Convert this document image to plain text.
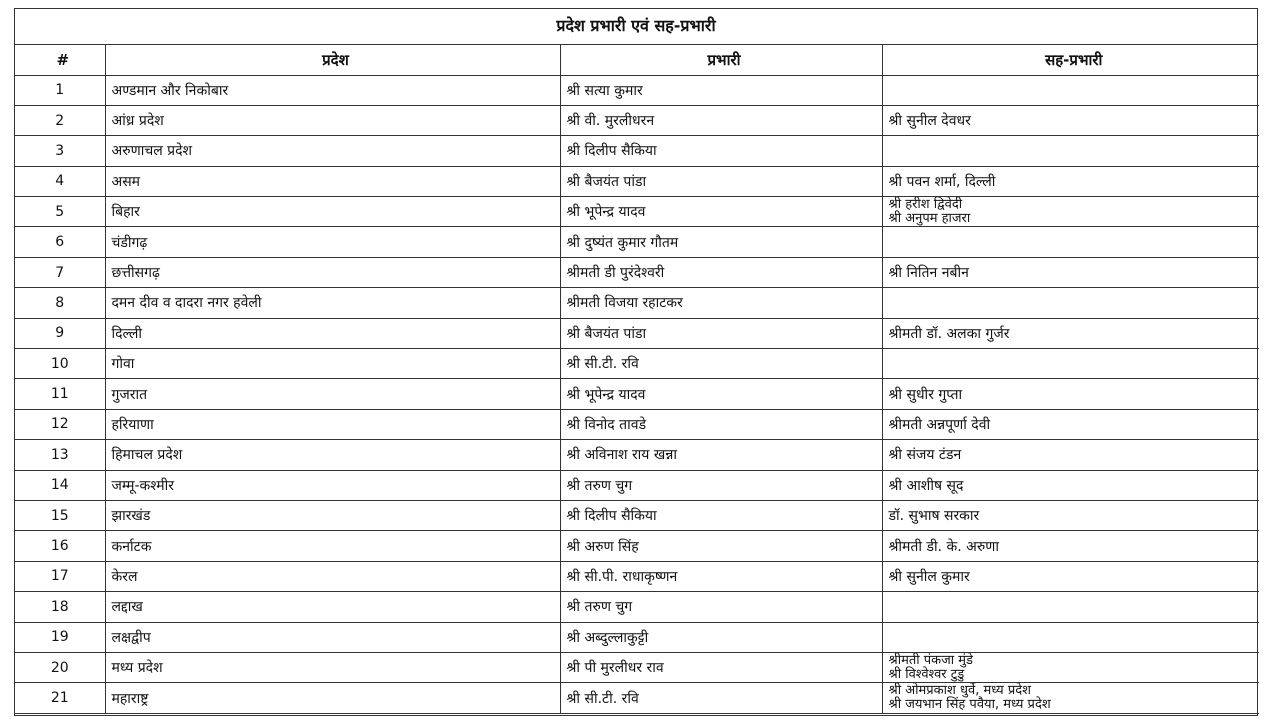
प्रदेश प्रभारी एवं सह-प्रभारी
#	प्रदेश	प्रभारी	सह-प्रभारी
1	अण्डमान और निकोबार	श्री सत्या कुमार	
2	आंध्र प्रदेश	श्री वी. मुरलीधरन	श्री सुनील देवधर
3	अरुणाचल प्रदेश	श्री दिलीप सैकिया	
4	असम	श्री बैजयंत पांडा	श्री पवन शर्मा, दिल्ली
5	बिहार	श्री भूपेन्द्र यादव	श्री हरीश द्विवेदी
श्री अनुपम हाजरा

6	चंडीगढ़	श्री दुष्यंत कुमार गौतम	
7	छत्तीसगढ़	श्रीमती डी पुरंदेश्वरी	श्री नितिन नबीन
8	दमन दीव व दादरा नगर हवेली	श्रीमती विजया रहाटकर	
9	दिल्ली	श्री बैजयंत पांडा	श्रीमती डॉ. अलका गुर्जर
10	गोवा	श्री सी.टी. रवि	
11	गुजरात	श्री भूपेन्द्र यादव	श्री सुधीर गुप्ता
12	हरियाणा	श्री विनोद तावडे	श्रीमती अन्नपूर्णा देवी
13	हिमाचल प्रदेश	श्री अविनाश राय खन्ना	श्री संजय टंडन
14	जम्मू-कश्मीर	श्री तरुण चुग	श्री आशीष सूद
15	झारखंड	श्री दिलीप सैकिया	डॉ. सुभाष सरकार
16	कर्नाटक	श्री अरुण सिंह	श्रीमती डी. के. अरुणा
17	केरल	श्री सी.पी. राधाकृष्णन	श्री सुनील कुमार
18	लद्दाख	श्री तरुण चुग	
19	लक्षद्वीप	श्री अब्दुल्लाकुट्टी	
20	मध्य प्रदेश	श्री पी मुरलीधर राव	श्रीमती पंकजा मुंडे
श्री विश्वेश्वर टुडु

21	महाराष्ट्र	श्री सी.टी. रवि	श्री ओमप्रकाश धुर्वे, मध्य प्रदेश
श्री जयभान सिंह पवैया, मध्य प्रदेश
